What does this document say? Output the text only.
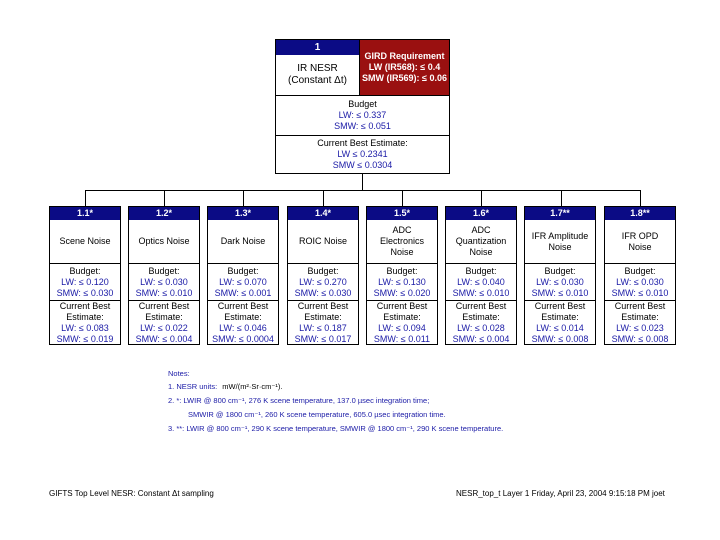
1
IR NESR
(Constant Δt)
GIRD Requirement
LW (IR568): ≤ 0.4
SMW (IR569): ≤ 0.06
Budget
LW: ≤ 0.337
SMW: ≤ 0.051
Current Best Estimate:
LW ≤ 0.2341
SMW ≤ 0.0304
1.1*
Scene Noise
Budget:
LW: ≤ 0.120
SMW: ≤ 0.030
Current Best
Estimate:
LW: ≤ 0.083
SMW: ≤ 0.019
1.2*
Optics Noise
Budget:
LW: ≤ 0.030
SMW: ≤ 0.010
Current Best
Estimate:
LW: ≤ 0.022
SMW: ≤ 0.004
1.3*
Dark Noise
Budget:
LW: ≤ 0.070
SMW: ≤ 0.001
Current Best
Estimate:
LW: ≤ 0.046
SMW: ≤ 0.0004
1.4*
ROIC Noise
Budget:
LW: ≤ 0.270
SMW: ≤ 0.030
Current Best
Estimate:
LW: ≤ 0.187
SMW: ≤ 0.017
1.5*
ADC Electronics Noise
Budget:
LW: ≤ 0.130
SMW: ≤ 0.020
Current Best
Estimate:
LW: ≤ 0.094
SMW: ≤ 0.011
1.6*
ADC Quantization Noise
Budget:
LW: ≤ 0.040
SMW: ≤ 0.010
Current Best
Estimate:
LW: ≤ 0.028
SMW: ≤ 0.004
1.7**
IFR Amplitude Noise
Budget:
LW: ≤ 0.030
SMW: ≤ 0.010
Current Best
Estimate:
LW: ≤ 0.014
SMW: ≤ 0.008
1.8**
IFR OPD Noise
Budget:
LW: ≤ 0.030
SMW: ≤ 0.010
Current Best
Estimate:
LW: ≤ 0.023
SMW: ≤ 0.008
Notes:
1. NESR units: mW/(m²·Sr·cm⁻¹).
2. *: LWIR @ 800 cm⁻¹, 276 K scene temperature, 137.0 µsec integration time;
SMWIR @ 1800 cm⁻¹, 260 K scene temperature, 605.0 µsec integration time.
3. **: LWIR @ 800 cm⁻¹, 290 K scene temperature, SMWIR @ 1800 cm⁻¹, 290 K scene temperature.
GIFTS Top Level NESR: Constant Δt sampling	NESR_top_t Layer 1 Friday, April 23, 2004 9:15:18 PM joet
